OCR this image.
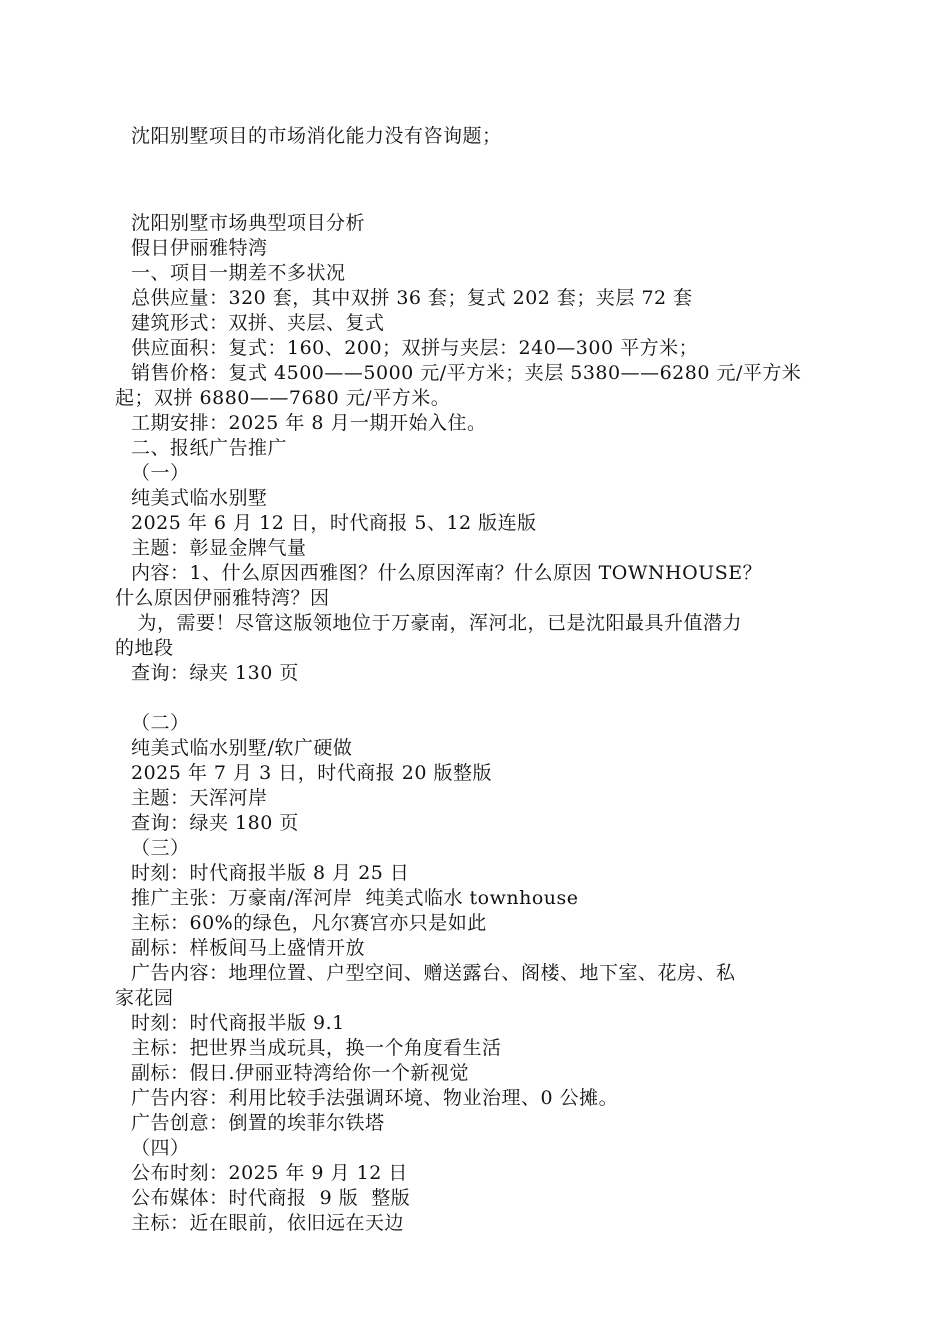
沈阳别墅项目的市场消化能力没有咨询题；

沈阳别墅市场典型项目分析

假日伊丽雅特湾

一、项目一期差不多状况

总供应量：320 套，其中双拼 36 套；复式 202 套；夹层 72 套

建筑形式：双拼、夹层、复式

供应面积：复式：160、200；双拼与夹层：240—300 平方米；

销售价格：复式 4500——5000 元/平方米；夹层 5380——6280 元/平方米

起；双拼 6880——7680 元/平方米。

工期安排：2025 年 8 月一期开始入住。

二、报纸广告推广

（一）

纯美式临水别墅

2025 年 6 月 12 日，时代商报 5、12 版连版

主题：彰显金牌气量

内容：1、什么原因西雅图？什么原因浑南？什么原因 TOWNHOUSE？

什么原因伊丽雅特湾？因

为，需要！尽管这版领地位于万豪南，浑河北，已是沈阳最具升值潜力

的地段

查询：绿夹 130 页

（二）

纯美式临水别墅/软广硬做

2025 年 7 月 3 日，时代商报 20 版整版

主题：天浑河岸

查询：绿夹 180 页

（三）

时刻：时代商报半版 8 月 25 日

推广主张：万豪南/浑河岸  纯美式临水 townhouse

主标：60%的绿色，凡尔赛宫亦只是如此

副标：样板间马上盛情开放

广告内容：地理位置、户型空间、赠送露台、阁楼、地下室、花房、私

家花园

时刻：时代商报半版 9.1

主标：把世界当成玩具，换一个角度看生活

副标：假日.伊丽亚特湾给你一个新视觉

广告内容：利用比较手法强调环境、物业治理、0 公摊。

广告创意：倒置的埃菲尔铁塔

（四）

公布时刻：2025 年 9 月 12 日

公布媒体：时代商报  9 版  整版

主标：近在眼前，依旧远在天边
